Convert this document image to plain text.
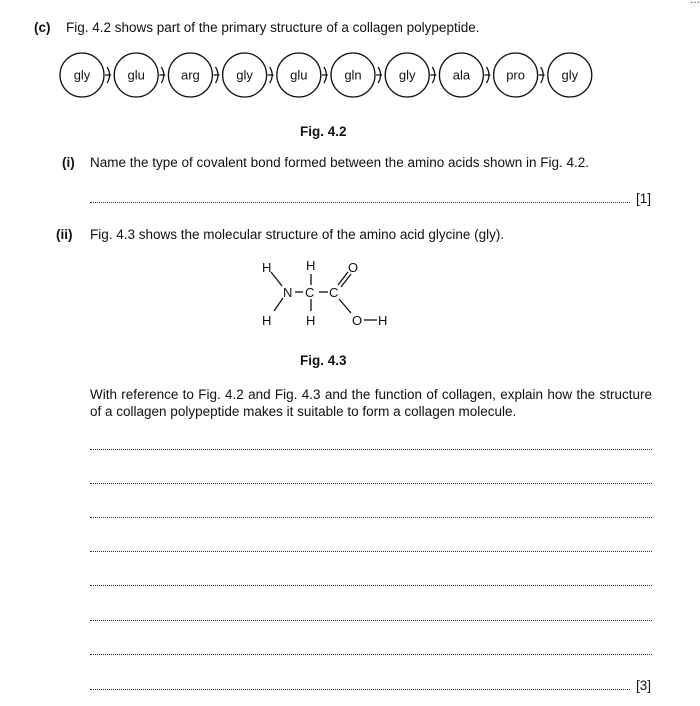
(c) Fig. 4.2 shows part of the primary structure of a collagen polypeptide.
gly	glu	arg	gly	glu	gln	gly	ala	pro	gly
Fig. 4.2
(i) Name the type of covalent bond formed between the amino acids shown in Fig. 4.2.
[1]
(ii) Fig. 4.3 shows the molecular structure of the amino acid glycine (gly).
H	H	O
N C C
H	H	O H
Fig. 4.3
With reference to Fig. 4.2 and Fig. 4.3 and the function of collagen, explain how the structure of a collagen polypeptide makes it suitable to form a collagen molecule.
[3]
